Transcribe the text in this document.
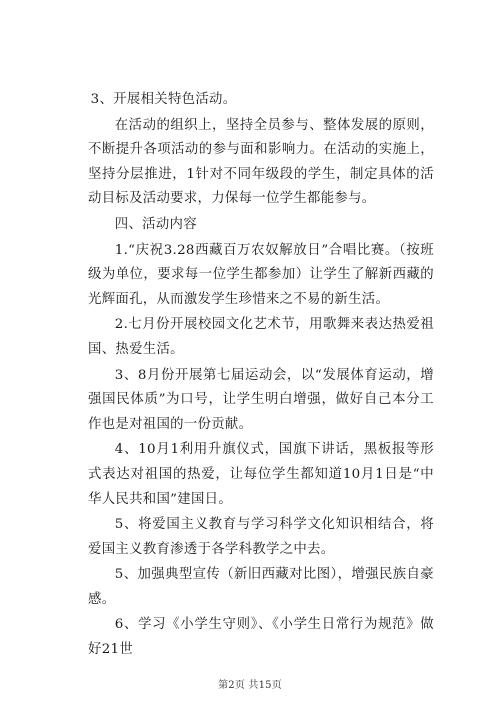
3、开展相关特色活动。

在活动的组织上，坚持全员参与、整体发展的原则，不断提升各项活动的参与面和影响力。在活动的实施上，坚持分层推进，1针对不同年级段的学生，制定具体的活动目标及活动要求，力保每一位学生都能参与。

四、活动内容

1.“庆祝3.28西藏百万农奴解放日”合唱比赛。（按班级为单位，要求每一位学生都参加）让学生了解新西藏的光辉面孔，从而激发学生珍惜来之不易的新生活。

2.七月份开展校园文化艺术节，用歌舞来表达热爱祖国、热爱生活。

3、8月份开展第七届运动会，以“发展体育运动，增强国民体质”为口号，让学生明白增强，做好自己本分工作也是对祖国的一份贡献。

4、10月1利用升旗仪式，国旗下讲话，黑板报等形式表达对祖国的热爱，让每位学生都知道10月1日是“中华人民共和国”建国日。

5、将爱国主义教育与学习科学文化知识相结合，将爱国主义教育渗透于各学科教学之中去。

5、加强典型宣传（新旧西藏对比图），增强民族自豪感。

6、学习《小学生守则》、《小学生日常行为规范》做好21世

第2页 共15页
